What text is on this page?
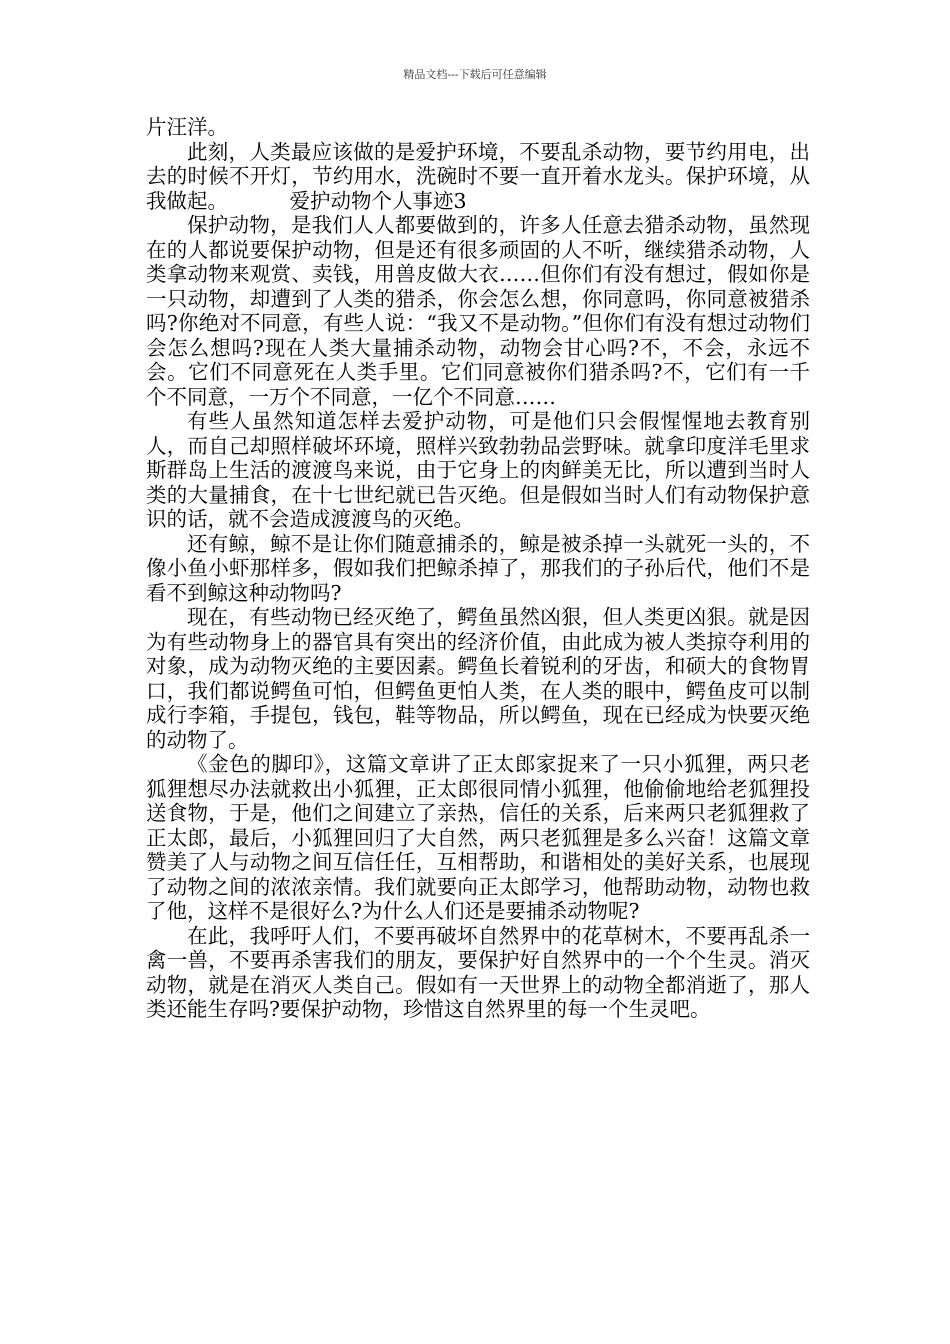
精品文档---下载后可任意编辑

片汪洋。

此刻，人类最应该做的是爱护环境，不要乱杀动物，要节约用电，出去的时候不开灯，节约用水，洗碗时不要一直开着水龙头。保护环境，从我做起。	爱护动物个人事迹3

保护动物，是我们人人都要做到的，许多人任意去猎杀动物，虽然现在的人都说要保护动物，但是还有很多顽固的人不听，继续猎杀动物，人类拿动物来观赏、卖钱，用兽皮做大衣……但你们有没有想过，假如你是一只动物，却遭到了人类的猎杀，你会怎么想，你同意吗，你同意被猎杀吗?你绝对不同意，有些人说：“我又不是动物。”但你们有没有想过动物们会怎么想吗?现在人类大量捕杀动物，动物会甘心吗?不，不会，永远不会。它们不同意死在人类手里。它们同意被你们猎杀吗?不，它们有一千个不同意，一万个不同意，一亿个不同意……

有些人虽然知道怎样去爱护动物，可是他们只会假惺惺地去教育别人，而自己却照样破坏环境，照样兴致勃勃品尝野味。就拿印度洋毛里求斯群岛上生活的渡渡鸟来说，由于它身上的肉鲜美无比，所以遭到当时人类的大量捕食，在十七世纪就已告灭绝。但是假如当时人们有动物保护意识的话，就不会造成渡渡鸟的灭绝。

还有鲸，鲸不是让你们随意捕杀的，鲸是被杀掉一头就死一头的，不像小鱼小虾那样多，假如我们把鲸杀掉了，那我们的子孙后代，他们不是看不到鲸这种动物吗?

现在，有些动物已经灭绝了，鳄鱼虽然凶狠，但人类更凶狠。就是因为有些动物身上的器官具有突出的经济价值，由此成为被人类掠夺利用的对象，成为动物灭绝的主要因素。鳄鱼长着锐利的牙齿，和硕大的食物胃口，我们都说鳄鱼可怕，但鳄鱼更怕人类，在人类的眼中，鳄鱼皮可以制成行李箱，手提包，钱包，鞋等物品，所以鳄鱼，现在已经成为快要灭绝的动物了。

《金色的脚印》，这篇文章讲了正太郎家捉来了一只小狐狸，两只老狐狸想尽办法就救出小狐狸，正太郎很同情小狐狸，他偷偷地给老狐狸投送食物，于是，他们之间建立了亲热，信任的关系，后来两只老狐狸救了正太郎，最后，小狐狸回归了大自然，两只老狐狸是多么兴奋！这篇文章赞美了人与动物之间互信任任，互相帮助，和谐相处的美好关系，也展现了动物之间的浓浓亲情。我们就要向正太郎学习，他帮助动物，动物也救了他，这样不是很好么?为什么人们还是要捕杀动物呢?

在此，我呼吁人们，不要再破坏自然界中的花草树木，不要再乱杀一禽一兽，不要再杀害我们的朋友，要保护好自然界中的一个个生灵。消灭动物，就是在消灭人类自己。假如有一天世界上的动物全都消逝了，那人类还能生存吗?要保护动物，珍惜这自然界里的每一个生灵吧。
